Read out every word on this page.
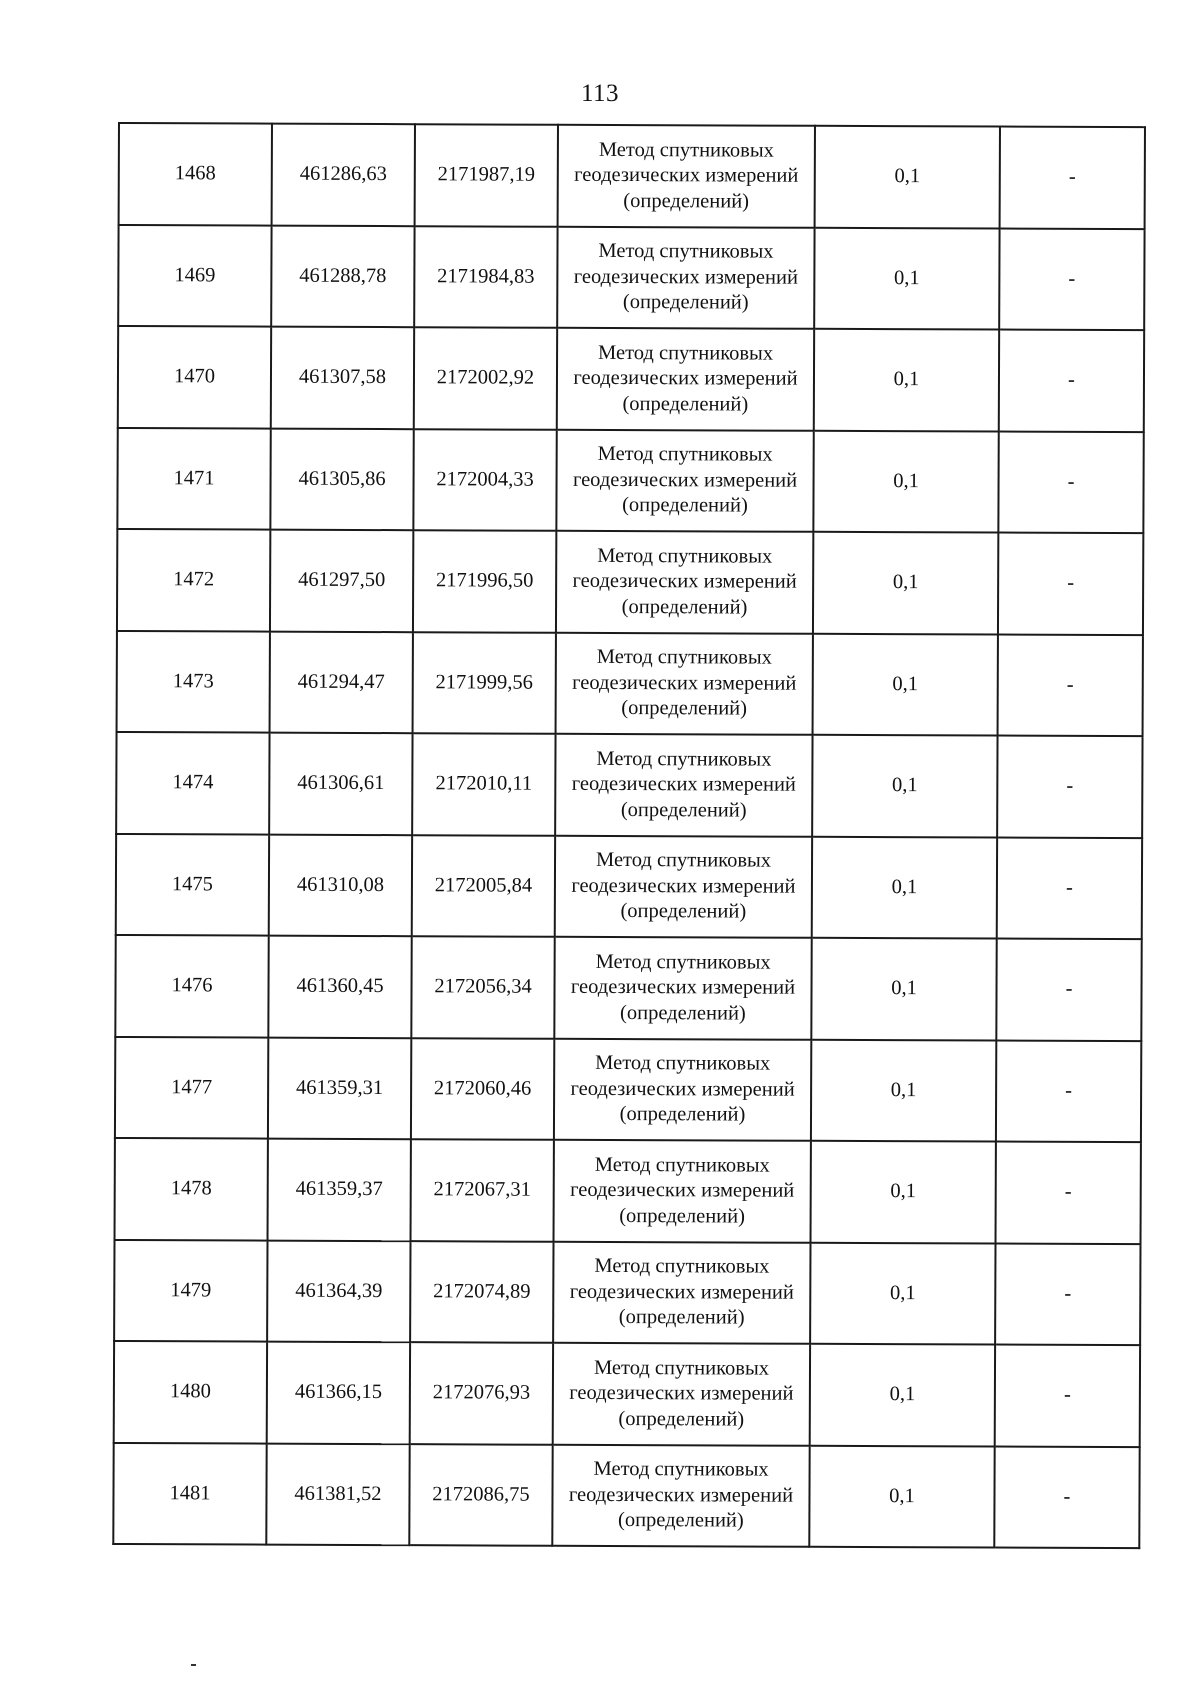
113
1468	461286,63	2171987,19	Метод спутниковых
геодезических измерений
(определений)	0,1	-
1469	461288,78	2171984,83	Метод спутниковых
геодезических измерений
(определений)	0,1	-
1470	461307,58	2172002,92	Метод спутниковых
геодезических измерений
(определений)	0,1	-
1471	461305,86	2172004,33	Метод спутниковых
геодезических измерений
(определений)	0,1	-
1472	461297,50	2171996,50	Метод спутниковых
геодезических измерений
(определений)	0,1	-
1473	461294,47	2171999,56	Метод спутниковых
геодезических измерений
(определений)	0,1	-
1474	461306,61	2172010,11	Метод спутниковых
геодезических измерений
(определений)	0,1	-
1475	461310,08	2172005,84	Метод спутниковых
геодезических измерений
(определений)	0,1	-
1476	461360,45	2172056,34	Метод спутниковых
геодезических измерений
(определений)	0,1	-
1477	461359,31	2172060,46	Метод спутниковых
геодезических измерений
(определений)	0,1	-
1478	461359,37	2172067,31	Метод спутниковых
геодезических измерений
(определений)	0,1	-
1479	461364,39	2172074,89	Метод спутниковых
геодезических измерений
(определений)	0,1	-
1480	461366,15	2172076,93	Метод спутниковых
геодезических измерений
(определений)	0,1	-
1481	461381,52	2172086,75	Метод спутниковых
геодезических измерений
(определений)	0,1	-
